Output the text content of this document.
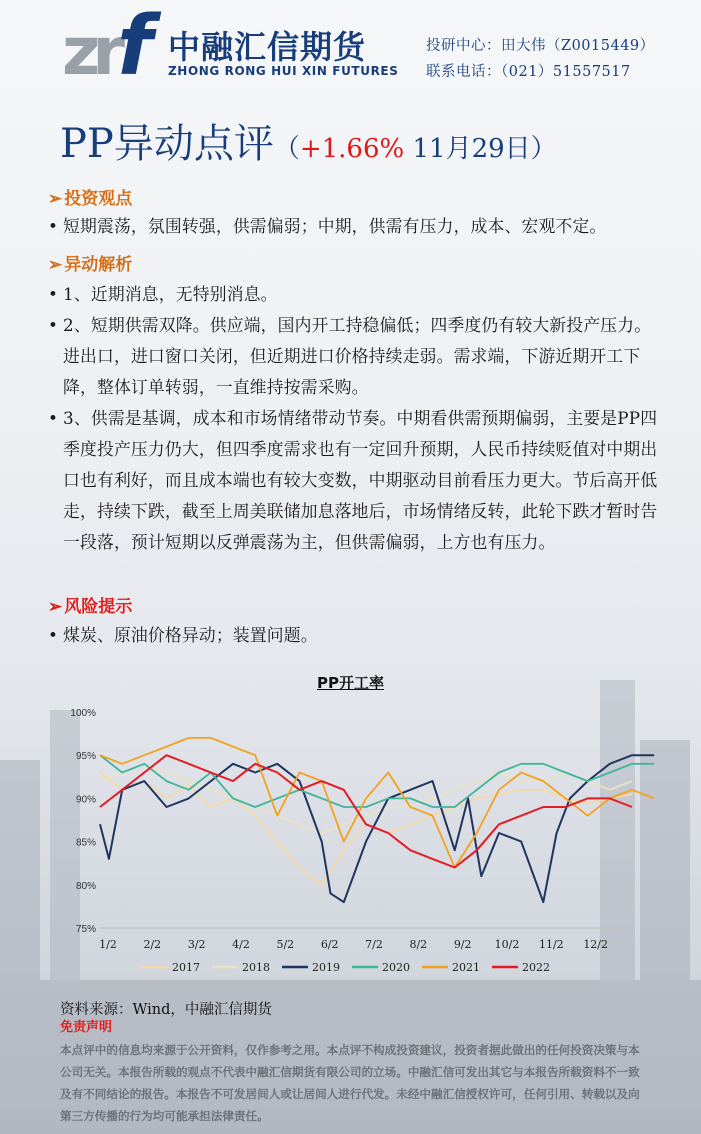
zrf 中融汇信期货
ZHONG RONG HUI XIN FUTURES
投研中心：田大伟（Z0015449）
联系电话：（021）51557517
PP异动点评（+1.66% 11月29日）
➢ 投资观点
• 短期震荡，氛围转强，供需偏弱；中期，供需有压力，成本、宏观不定。
➢ 异动解析
• 1、近期消息，无特别消息。
• 2、短期供需双降。供应端，国内开工持稳偏低；四季度仍有较大新投产压力。进出口，进口窗口关闭，但近期进口价格持续走弱。需求端，下游近期开工下降，整体订单转弱，一直维持按需采购。
• 3、供需是基调，成本和市场情绪带动节奏。中期看供需预期偏弱，主要是PP四季度投产压力仍大，但四季度需求也有一定回升预期，人民币持续贬值对中期出口也有利好，而且成本端也有较大变数，中期驱动目前看压力更大。节后高开低走，持续下跌，截至上周美联储加息落地后，市场情绪反转，此轮下跌才暂时告一段落，预计短期以反弹震荡为主，但供需偏弱，上方也有压力。
➢ 风险提示
• 煤炭、原油价格异动；装置问题。
PP开工率
100%
95%
90%
85%
80%
75%
1/2 2/2 3/2 4/2 5/2 6/2 7/2 8/2 9/2 10/2 11/2 12/2
2017	2018	2019	2020	2021	2022
资料来源：Wind，中融汇信期货
免责声明
本点评中的信息均来源于公开资料，仅作参考之用。本点评不构成投资建议，投资者据此做出的任何投资决策与本公司无关。本报告所载的观点不代表中融汇信期货有限公司的立场。中融汇信可发出其它与本报告所载资料不一致及有不同结论的报告。本报告不可发居间人或让居间人进行代发。未经中融汇信授权许可，任何引用、转载以及向第三方传播的行为均可能承担法律责任。
